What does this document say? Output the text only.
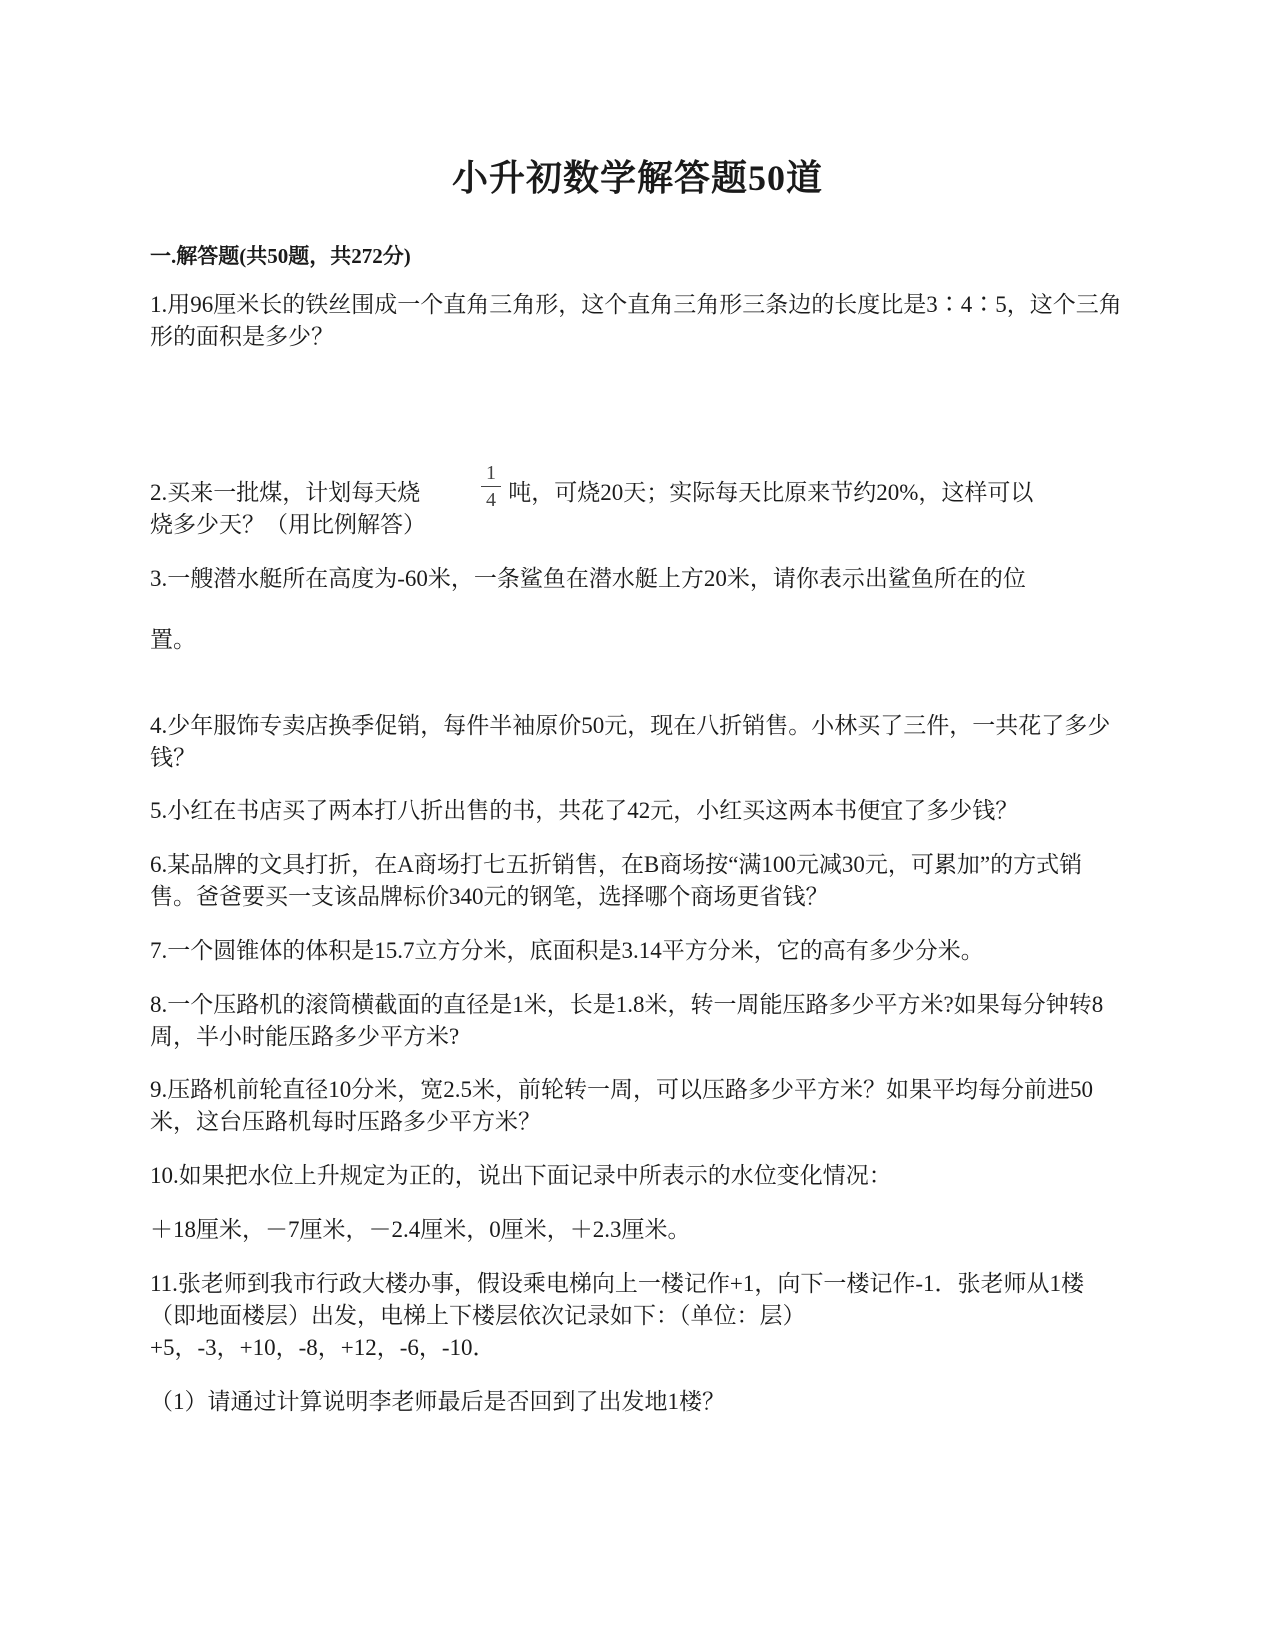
小升初数学解答题50道
一.解答题(共50题，共272分)
1.用96厘米长的铁丝围成一个直角三角形，这个直角三角形三条边的长度比是3∶4∶5，这个三角形的面积是多少？
1
4
2.买来一批煤，计划每天烧	吨，可烧20天；实际每天比原来节约20%，这样可以
烧多少天？（用比例解答）
3.一艘潜水艇所在高度为-60米，一条鲨鱼在潜水艇上方20米，请你表示出鲨鱼所在的位
置。
4.少年服饰专卖店换季促销，每件半袖原价50元，现在八折销售。小林买了三件，一共花了多少钱？
5.小红在书店买了两本打八折出售的书，共花了42元，小红买这两本书便宜了多少钱？
6.某品牌的文具打折，在A商场打七五折销售，在B商场按“满100元减30元，可累加”的方式销售。爸爸要买一支该品牌标价340元的钢笔，选择哪个商场更省钱？
7.一个圆锥体的体积是15.7立方分米，底面积是3.14平方分米，它的高有多少分米。
8.一个压路机的滚筒横截面的直径是1米，长是1.8米，转一周能压路多少平方米?如果每分钟转8周，半小时能压路多少平方米?
9.压路机前轮直径10分米，宽2.5米，前轮转一周，可以压路多少平方米？如果平均每分前进50米，这台压路机每时压路多少平方米？
10.如果把水位上升规定为正的，说出下面记录中所表示的水位变化情况：
＋18厘米，－7厘米，－2.4厘米，0厘米，＋2.3厘米。
11.张老师到我市行政大楼办事，假设乘电梯向上一楼记作+1，向下一楼记作-1．张老师从1楼（即地面楼层）出发，电梯上下楼层依次记录如下：（单位：层）+5，-3，+10，-8，+12，-6，-10．
（1）请通过计算说明李老师最后是否回到了出发地1楼？
